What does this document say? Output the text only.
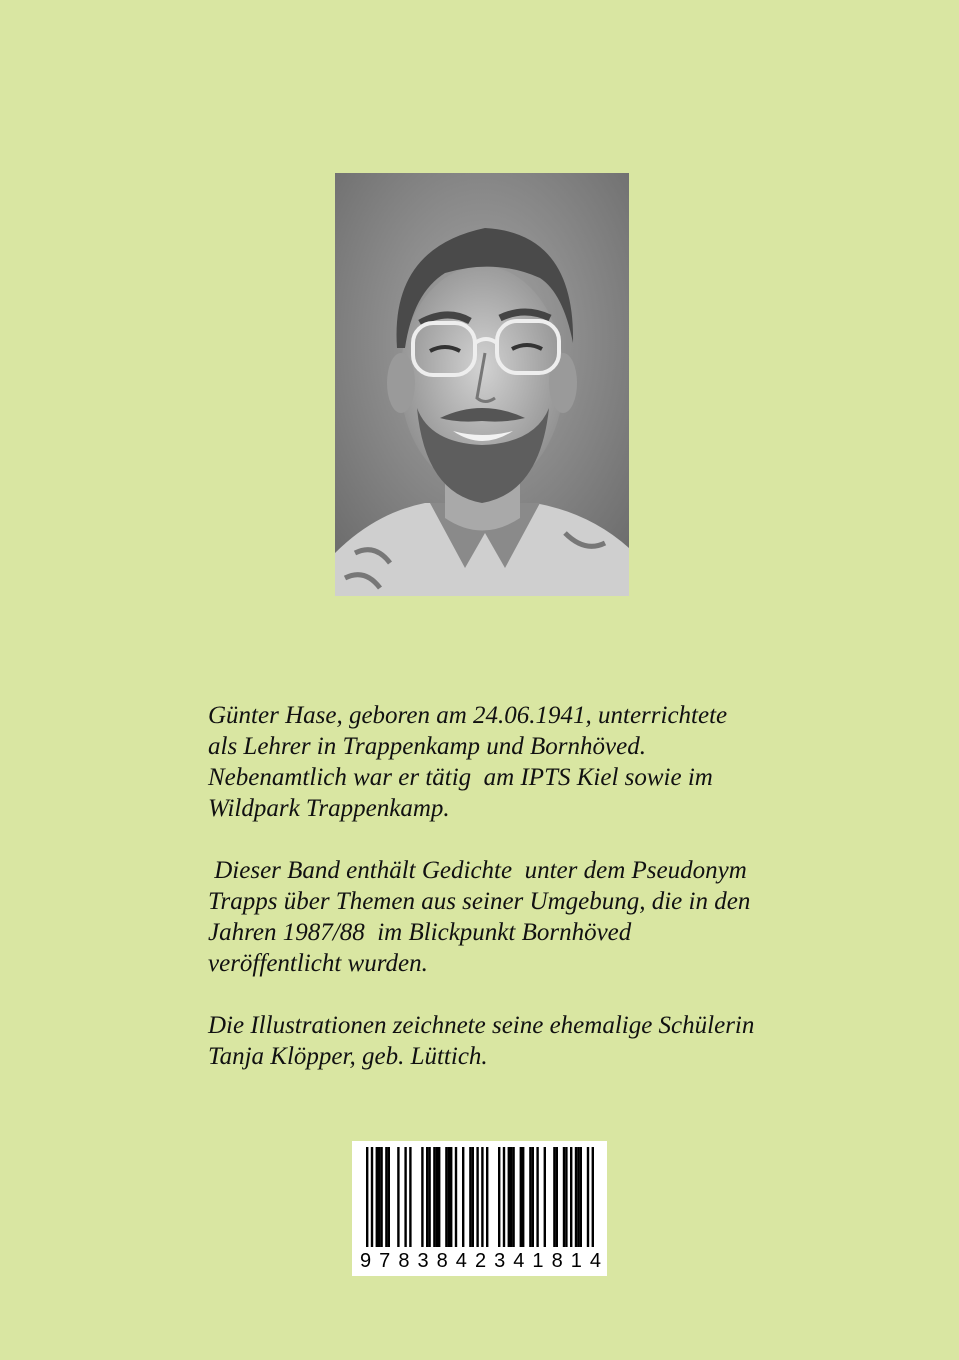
Günter Hase, geboren am 24.06.1941, unterrichtete
als Lehrer in Trappenkamp und Bornhöved.
Nebenamtlich war er tätig  am IPTS Kiel sowie im
Wildpark Trappenkamp.

Dieser Band enthält Gedichte  unter dem Pseudonym
Trapps über Themen aus seiner Umgebung, die in den
Jahren 1987/88  im Blickpunkt Bornhöved
veröffentlicht wurden.

Die Illustrationen zeichnete seine ehemalige Schülerin
Tanja Klöpper, geb. Lüttich.

9 7 8 3 8 4 2 3 4 1 8 1 4
